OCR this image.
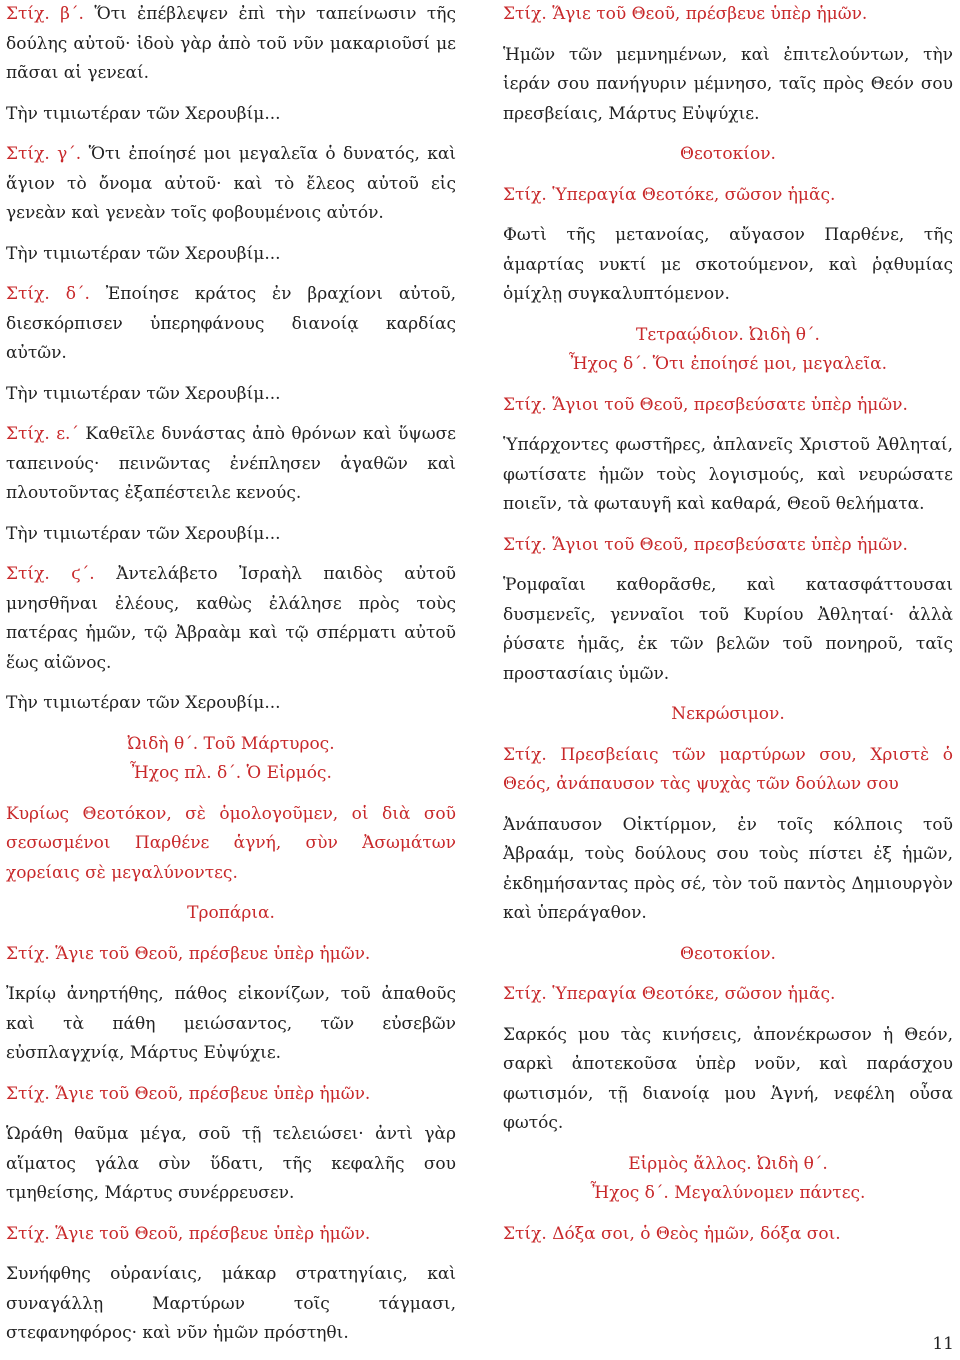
Στίχ. β΄. Ὅτι ἐπέβλεψεν ἐπὶ τὴν ταπείνωσιν τῆς δούλης αὐτοῦ· ἰδοὺ γὰρ ἀπὸ τοῦ νῦν μακαριοῦσί με πᾶσαι αἱ γενεαί.

Τὴν τιμιωτέραν τῶν Χερουβίμ...

Στίχ. γ΄. Ὅτι ἐποίησέ μοι μεγαλεῖα ὁ δυνατός, καὶ ἅγιον τὸ ὄνομα αὐτοῦ· καὶ τὸ ἔλεος αὐτοῦ εἰς γενεὰν καὶ γενεὰν τοῖς φοβουμένοις αὐτόν.

Τὴν τιμιωτέραν τῶν Χερουβίμ...

Στίχ. δ΄. Ἐποίησε κράτος ἐν βραχίονι αὐτοῦ, διεσκόρπισεν ὑπερηφάνους διανοίᾳ καρδίας αὐτῶν.

Τὴν τιμιωτέραν τῶν Χερουβίμ...

Στίχ. ε.΄ Καθεῖλε δυνάστας ἀπὸ θρόνων καὶ ὕψωσε ταπεινούς· πεινῶντας ἐνέπλησεν ἀγαθῶν καὶ πλουτοῦντας ἐξαπέστειλε κενούς.

Τὴν τιμιωτέραν τῶν Χερουβίμ...

Στίχ. ϛ΄. Ἀντελάβετο Ἰσραὴλ παιδὸς αὐτοῦ μνησθῆναι ἐλέους, καθὼς ἐλάλησε πρὸς τοὺς πατέρας ἡμῶν, τῷ Ἀβραὰμ καὶ τῷ σπέρματι αὐτοῦ ἕως αἰῶνος.

Τὴν τιμιωτέραν τῶν Χερουβίμ...

Ὠιδὴ θ΄. Τοῦ Μάρτυρος.

Ἦχος πλ. δ΄. Ὁ Εἱρμός.

Κυρίως Θεοτόκον, σὲ ὁμολογοῦμεν, οἱ διὰ σοῦ σεσωσμένοι Παρθένε ἁγνή, σὺν Ἀσωμάτων χορείαις σὲ μεγαλύνοντες.

Τροπάρια.

Στίχ. Ἅγιε τοῦ Θεοῦ, πρέσβευε ὑπὲρ ἡμῶν.

Ἰκρίῳ ἀνηρτήθης, πάθος εἰκονίζων, τοῦ ἀπαθοῦς καὶ τὰ πάθη μειώσαντος, τῶν εὐσεβῶν εὐσπλαγχνίᾳ, Μάρτυς Εὐψύχιε.

Στίχ. Ἅγιε τοῦ Θεοῦ, πρέσβευε ὑπὲρ ἡμῶν.

Ὡράθη θαῦμα μέγα, σοῦ τῇ τελειώσει· ἀντὶ γὰρ αἵματος γάλα σὺν ὕδατι, τῆς κεφαλῆς σου τμηθείσης, Μάρτυς συνέρρευσεν.

Στίχ. Ἅγιε τοῦ Θεοῦ, πρέσβευε ὑπὲρ ἡμῶν.

Συνήφθης οὐρανίαις, μάκαρ στρατηγίαις, καὶ συναγάλλῃ Μαρτύρων τοῖς τάγμασι, στεφανηφόρος· καὶ νῦν ἡμῶν πρόστηθι.

Στίχ. Ἅγιε τοῦ Θεοῦ, πρέσβευε ὑπὲρ ἡμῶν.

Ἡμῶν τῶν μεμνημένων, καὶ ἐπιτελούντων, τὴν ἱεράν σου πανήγυριν μέμνησο, ταῖς πρὸς Θεόν σου πρεσβείαις, Μάρτυς Εὐψύχιε.

Θεοτοκίον.

Στίχ. Ὑπεραγία Θεοτόκε, σῶσον ἡμᾶς.

Φωτὶ τῆς μετανοίας, αὔγασον Παρθένε, τῆς ἁμαρτίας νυκτί με σκοτούμενον, καὶ ῥᾳθυμίας ὁμίχλῃ συγκαλυπτόμενον.

Τετραῴδιον. Ὠιδὴ θ΄.

Ἦχος δ΄. Ὅτι ἐποίησέ μοι, μεγαλεῖα.

Στίχ. Ἅγιοι τοῦ Θεοῦ, πρεσβεύσατε ὑπὲρ ἡμῶν.

Ὑπάρχοντες φωστῆρες, ἀπλανεῖς Χριστοῦ Ἀθληταί, φωτίσατε ἡμῶν τοὺς λογισμούς, καὶ νευρώσατε ποιεῖν, τὰ φωταυγῆ καὶ καθαρά, Θεοῦ θελήματα.

Στίχ. Ἅγιοι τοῦ Θεοῦ, πρεσβεύσατε ὑπὲρ ἡμῶν.

Ῥομφαῖαι καθορᾶσθε, καὶ κατασφάττουσαι δυσμενεῖς, γενναῖοι τοῦ Κυρίου Ἀθληταί· ἀλλὰ ῥύσατε ἡμᾶς, ἐκ τῶν βελῶν τοῦ πονηροῦ, ταῖς προστασίαις ὑμῶν.

Νεκρώσιμον.

Στίχ. Πρεσβείαις τῶν μαρτύρων σου, Χριστὲ ὁ Θεός, ἀνάπαυσον τὰς ψυχὰς τῶν δούλων σου

Ἀνάπαυσον Οἰκτίρμον, ἐν τοῖς κόλποις τοῦ Ἀβραάμ, τοὺς δούλους σου τοὺς πίστει ἐξ ἡμῶν, ἐκδημήσαντας πρὸς σέ, τὸν τοῦ παντὸς Δημιουργὸν καὶ ὑπεράγαθον.

Θεοτοκίον.

Στίχ. Ὑπεραγία Θεοτόκε, σῶσον ἡμᾶς.

Σαρκός μου τὰς κινήσεις, ἀπονέκρωσον ἡ Θεόν, σαρκὶ ἀποτεκοῦσα ὑπὲρ νοῦν, καὶ παράσχου φωτισμόν, τῇ διανοίᾳ μου Ἁγνή, νεφέλη οὖσα φωτός.

Εἱρμὸς ἄλλος. Ὠιδὴ θ΄.

Ἦχος δ΄. Μεγαλύνομεν πάντες.

Στίχ. Δόξα σοι, ὁ Θεὸς ἡμῶν, δόξα σοι.

11
